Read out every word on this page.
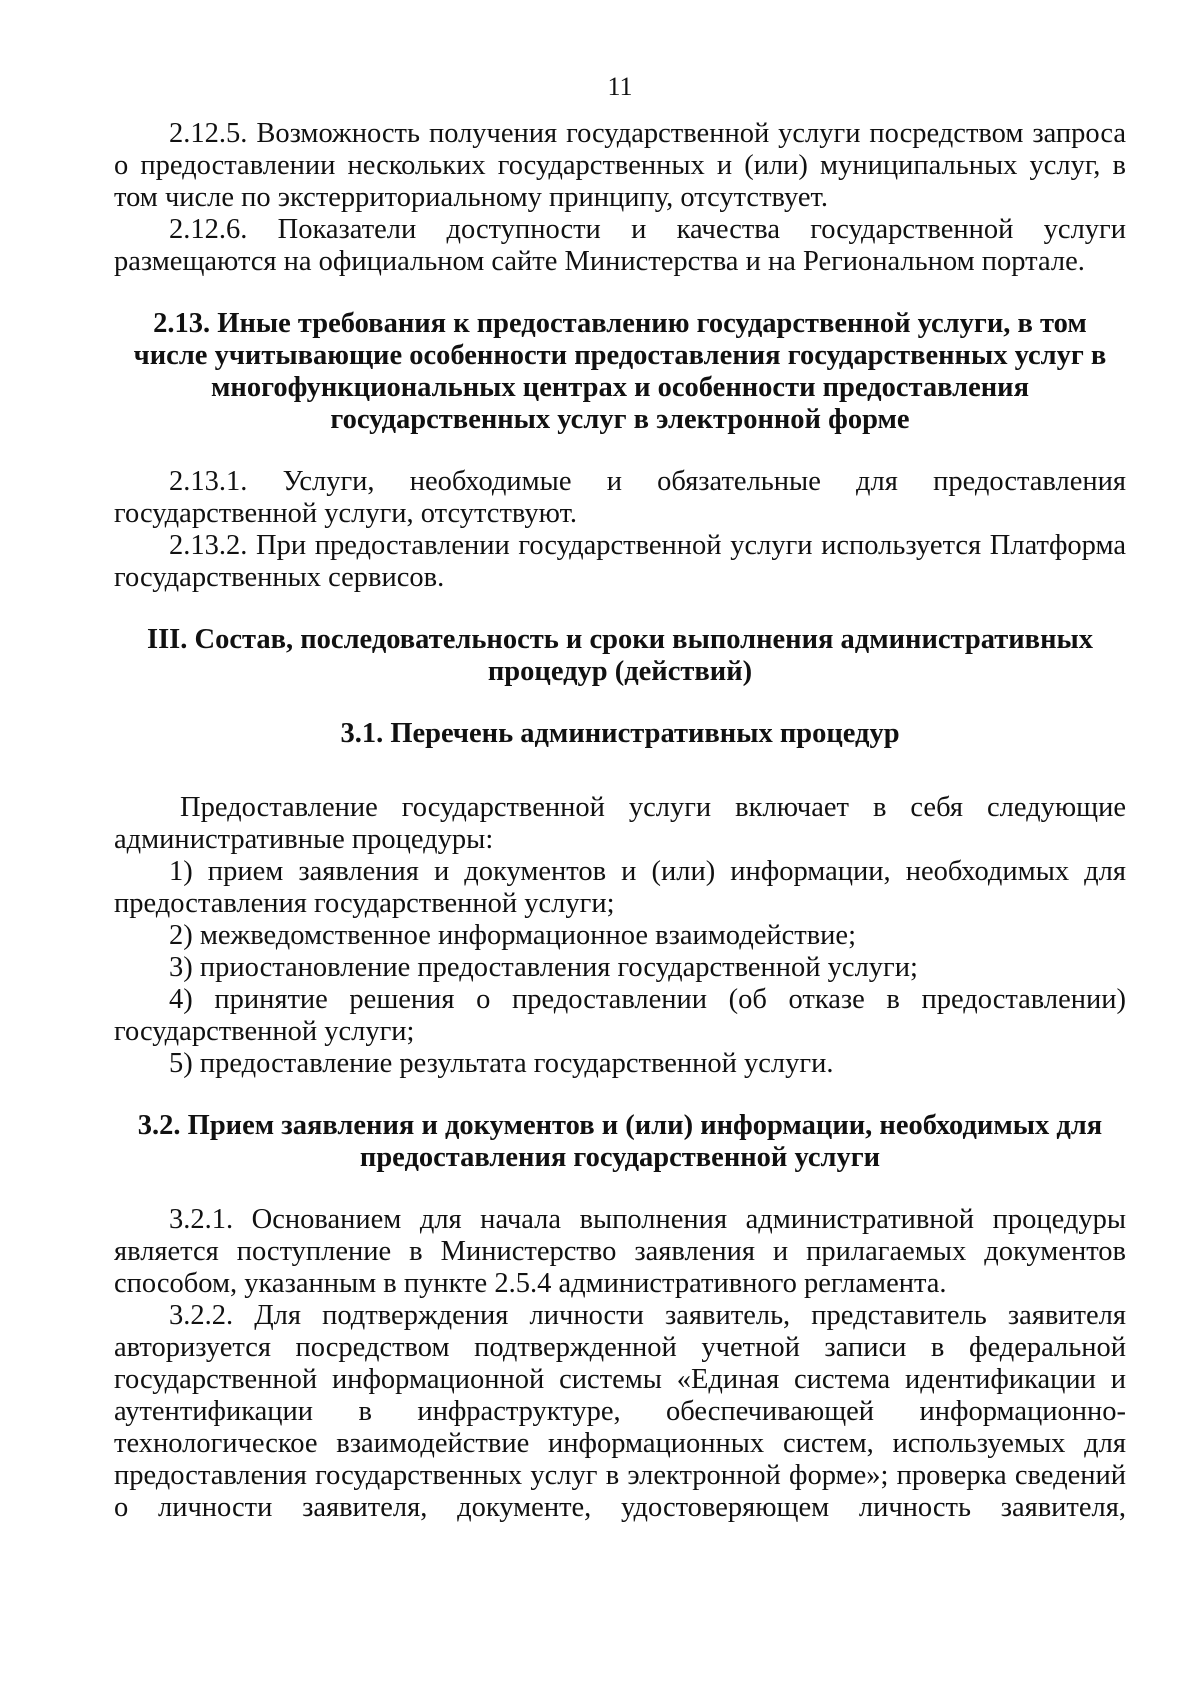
11

2.12.5. Возможность получения государственной услуги посредством запроса о предоставлении нескольких государственных и (или) муниципальных услуг, в том числе по экстерриториальному принципу, отсутствует.

2.12.6. Показатели доступности и качества государственной услуги размещаются на официальном сайте Министерства и на Региональном портале.

2.13. Иные требования к предоставлению государственной услуги, в том числе учитывающие особенности предоставления государственных услуг в многофункциональных центрах и особенности предоставления государственных услуг в электронной форме

2.13.1. Услуги, необходимые и обязательные для предоставления государственной услуги, отсутствуют.

2.13.2. При предоставлении государственной услуги используется Платформа государственных сервисов.

III. Состав, последовательность и сроки выполнения административных процедур (действий)
3.1. Перечень административных процедур

Предоставление государственной услуги включает в себя следующие административные процедуры:

1) прием заявления и документов и (или) информации, необходимых для предоставления государственной услуги;

2) межведомственное информационное взаимодействие;

3) приостановление предоставления государственной услуги;

4) принятие решения о предоставлении (об отказе в предоставлении) государственной услуги;

5) предоставление результата государственной услуги.

3.2. Прием заявления и документов и (или) информации, необходимых для предоставления государственной услуги

3.2.1. Основанием для начала выполнения административной процедуры является поступление в Министерство заявления и прилагаемых документов способом, указанным в пункте 2.5.4 административного регламента.

3.2.2. Для подтверждения личности заявитель, представитель заявителя авторизуется посредством подтвержденной учетной записи в федеральной государственной информационной системы «Единая система идентификации и аутентификации в инфраструктуре, обеспечивающей информационно-технологическое взаимодействие информационных систем, используемых для предоставления государственных услуг в электронной форме»; проверка сведений о личности заявителя, документе, удостоверяющем личность заявителя,
